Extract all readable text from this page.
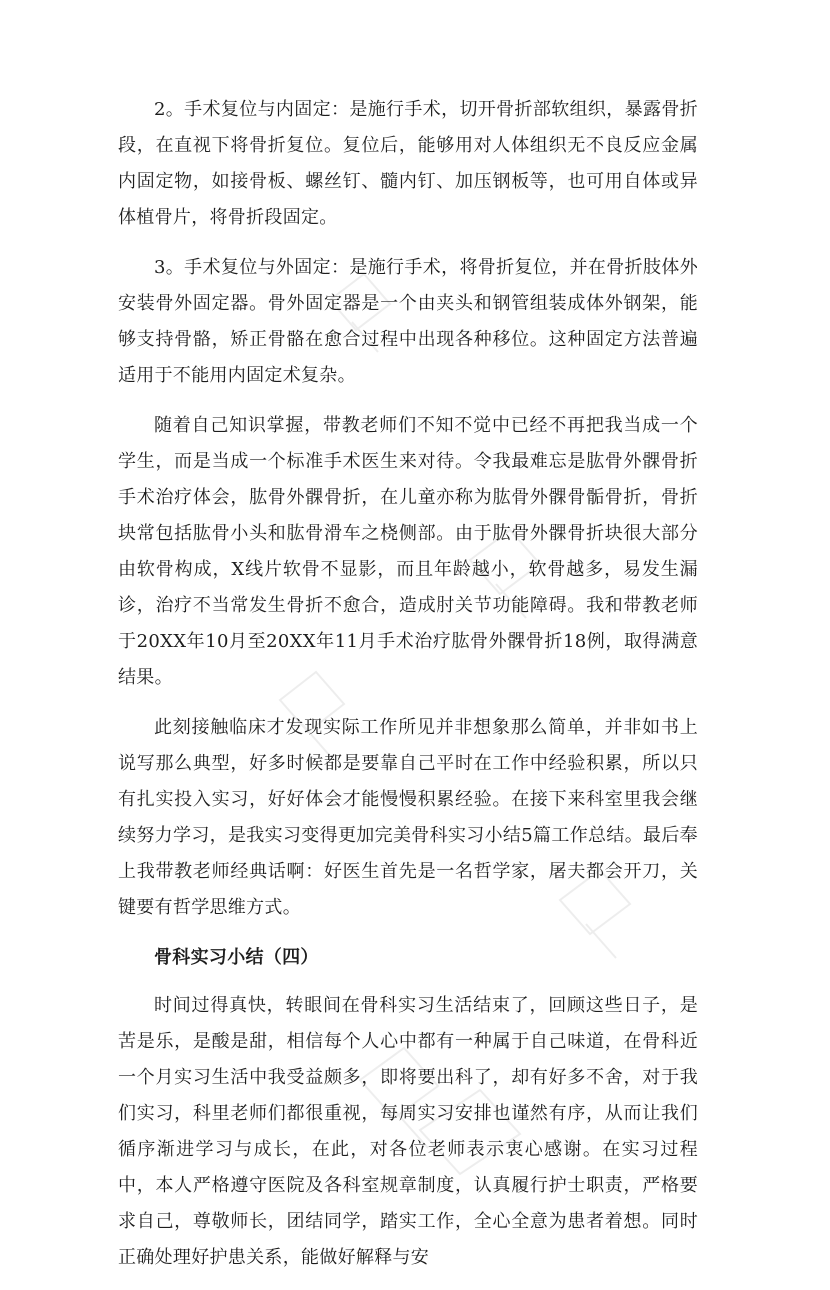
2。手术复位与内固定：是施行手术，切开骨折部软组织，暴露骨折段，在直视下将骨折复位。复位后，能够用对人体组织无不良反应金属内固定物，如接骨板、螺丝钉、髓内钉、加压钢板等，也可用自体或异体植骨片，将骨折段固定。

3。手术复位与外固定：是施行手术，将骨折复位，并在骨折肢体外安装骨外固定器。骨外固定器是一个由夹头和钢管组装成体外钢架，能够支持骨骼，矫正骨骼在愈合过程中出现各种移位。这种固定方法普遍适用于不能用内固定术复杂。

随着自己知识掌握，带教老师们不知不觉中已经不再把我当成一个学生，而是当成一个标准手术医生来对待。令我最难忘是肱骨外髁骨折手术治疗体会，肱骨外髁骨折，在儿童亦称为肱骨外髁骨骺骨折，骨折块常包括肱骨小头和肱骨滑车之桡侧部。由于肱骨外髁骨折块很大部分由软骨构成，X线片软骨不显影，而且年龄越小，软骨越多，易发生漏诊，治疗不当常发生骨折不愈合，造成肘关节功能障碍。我和带教老师于20XX年10月至20XX年11月手术治疗肱骨外髁骨折18例，取得满意结果。

此刻接触临床才发现实际工作所见并非想象那么简单，并非如书上说写那么典型，好多时候都是要靠自己平时在工作中经验积累，所以只有扎实投入实习，好好体会才能慢慢积累经验。在接下来科室里我会继续努力学习，是我实习变得更加完美骨科实习小结5篇工作总结。最后奉上我带教老师经典话啊：好医生首先是一名哲学家，屠夫都会开刀，关键要有哲学思维方式。

骨科实习小结（四）

时间过得真快，转眼间在骨科实习生活结束了，回顾这些日子，是苦是乐，是酸是甜，相信每个人心中都有一种属于自己味道，在骨科近一个月实习生活中我受益颇多，即将要出科了，却有好多不舍，对于我们实习，科里老师们都很重视，每周实习安排也谨然有序，从而让我们循序渐进学习与成长，在此，对各位老师表示衷心感谢。在实习过程中，本人严格遵守医院及各科室规章制度，认真履行护士职责，严格要求自己，尊敬师长，团结同学，踏实工作，全心全意为患者着想。同时正确处理好护患关系，能做好解释与安
